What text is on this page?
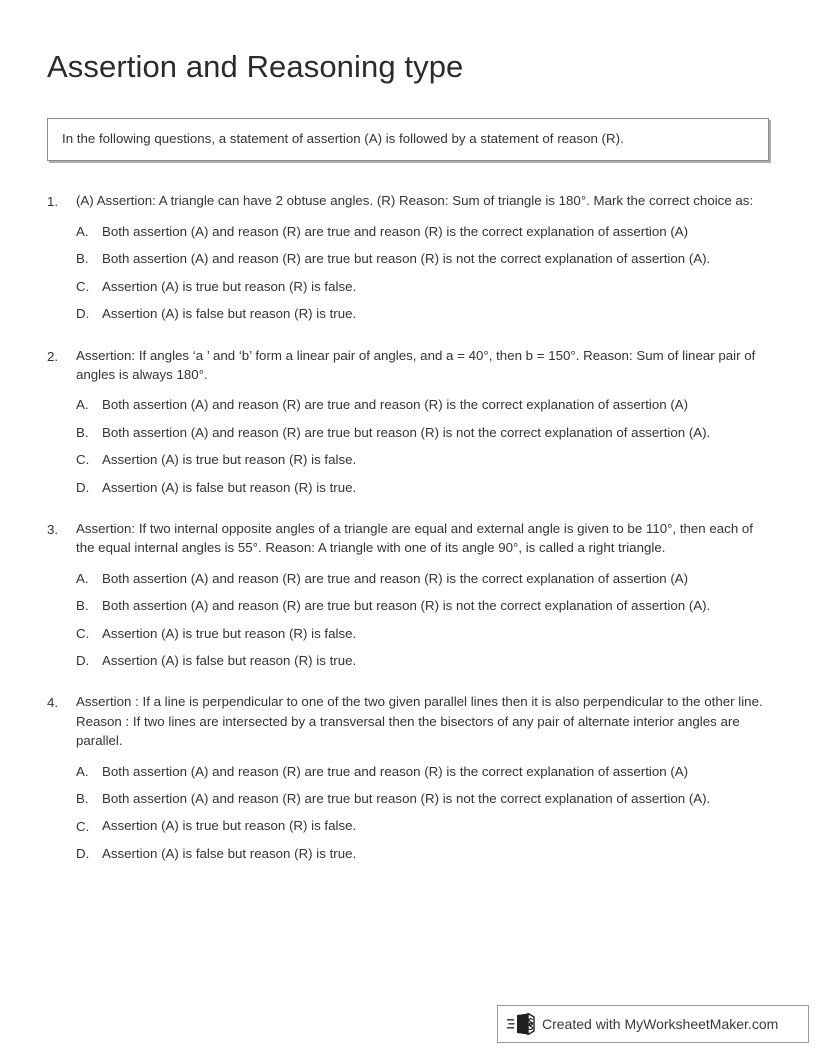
Assertion and Reasoning type
In the following questions, a statement of assertion (A) is followed by a statement of reason (R).
1.	(A) Assertion: A triangle can have 2 obtuse angles. (R) Reason: Sum of triangle is 180°. Mark the correct choice as:
A.	Both assertion (A) and reason (R) are true and reason (R) is the correct explanation of assertion (A)
B.	Both assertion (A) and reason (R) are true but reason (R) is not the correct explanation of assertion (A).
C. Assertion (A) is true but reason (R) is false.
D. Assertion (A) is false but reason (R) is true.
2.	Assertion: If angles ‘a ’ and ‘b’ form a linear pair of angles, and a = 40°, then b = 150°. Reason: Sum of linear pair of angles is always 180°.
A.	Both assertion (A) and reason (R) are true and reason (R) is the correct explanation of assertion (A)
B.	Both assertion (A) and reason (R) are true but reason (R) is not the correct explanation of assertion (A).
C. Assertion (A) is true but reason (R) is false.
D. Assertion (A) is false but reason (R) is true.
3.	Assertion: If two internal opposite angles of a triangle are equal and external angle is given to be 110°, then each of the equal internal angles is 55°. Reason: A triangle with one of its angle 90°, is called a right triangle.
A.	Both assertion (A) and reason (R) are true and reason (R) is the correct explanation of assertion (A)
B.	Both assertion (A) and reason (R) are true but reason (R) is not the correct explanation of assertion (A).
C. Assertion (A) is true but reason (R) is false.
D. Assertion (A) is false but reason (R) is true.
4.	Assertion : If a line is perpendicular to one of the two given parallel lines then it is also perpendicular to the other line. Reason : If two lines are intersected by a transversal then the bisectors of any pair of alternate interior angles are parallel.
A.	Both assertion (A) and reason (R) are true and reason (R) is the correct explanation of assertion (A)
B.	Both assertion (A) and reason (R) are true but reason (R) is not the correct explanation of assertion (A).
C. Assertion (A) is true but reason (R) is false.
D. Assertion (A) is false but reason (R) is true.
Created with MyWorksheetMaker.com
